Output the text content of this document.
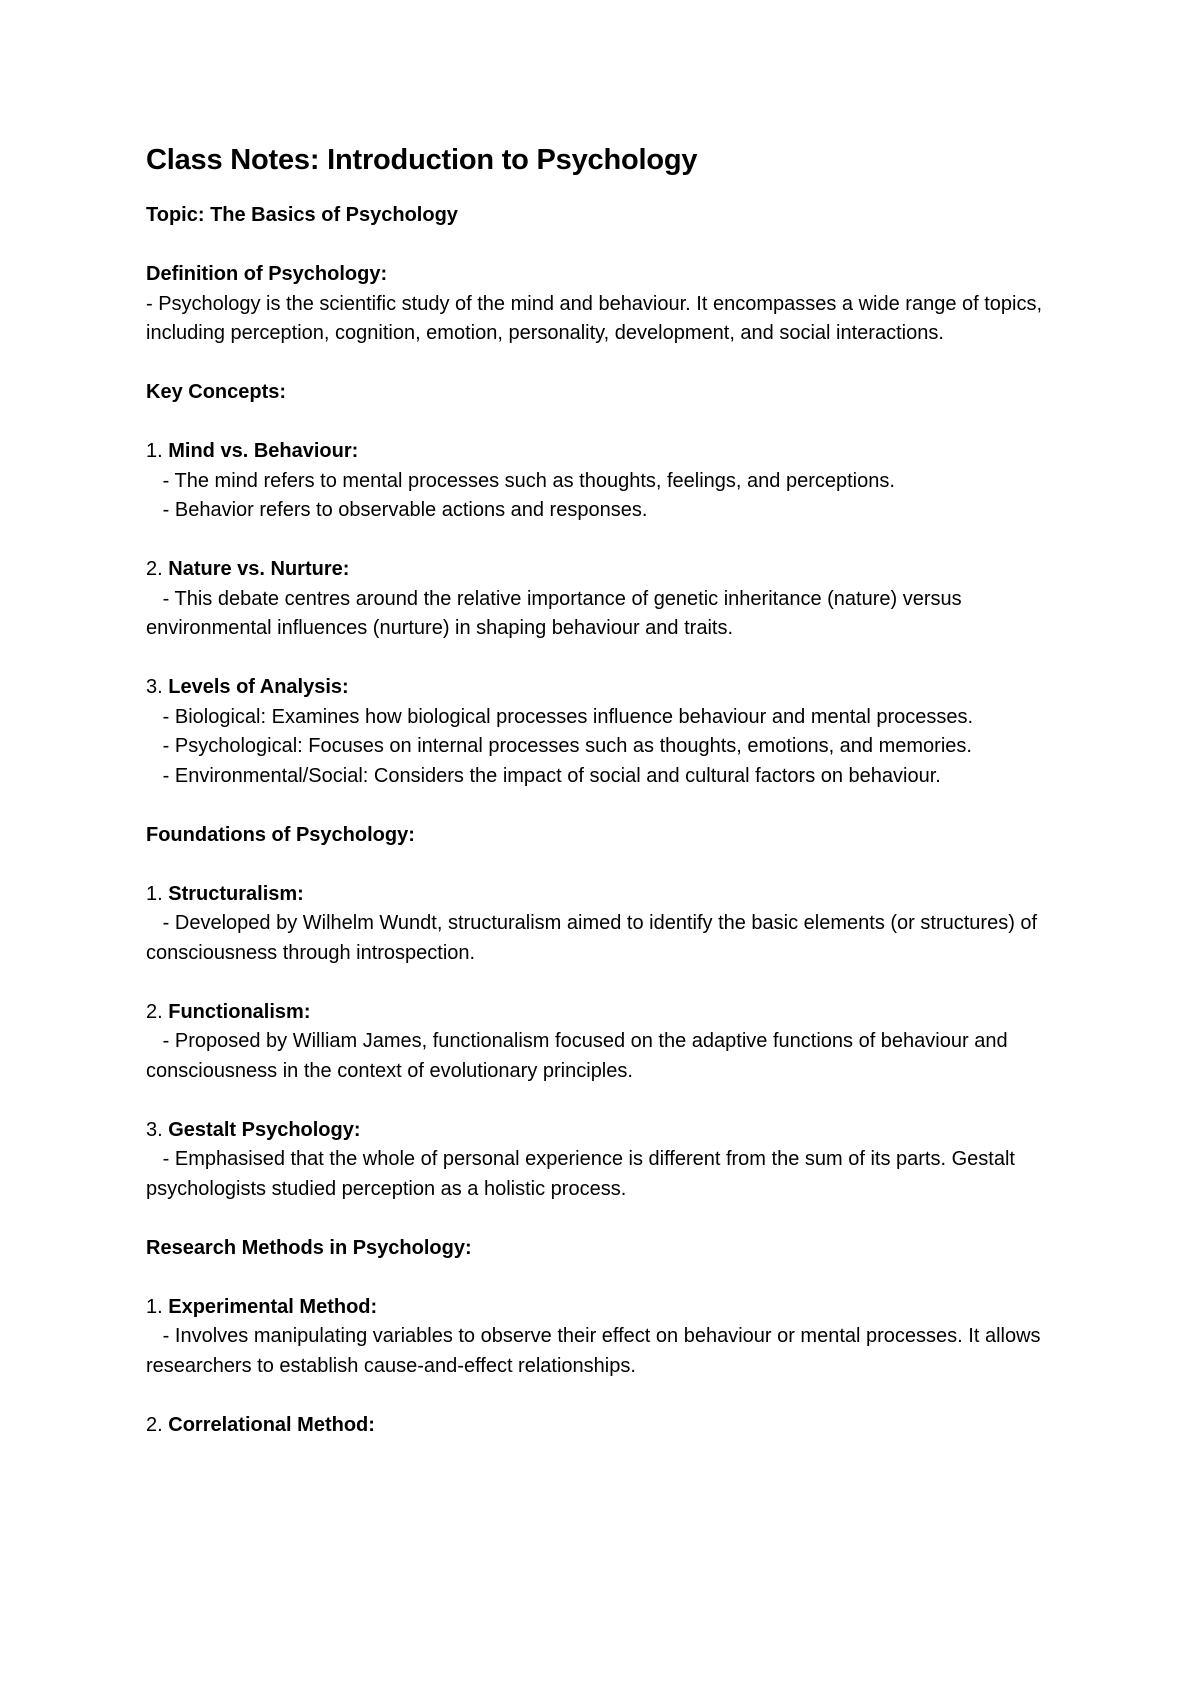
Class Notes: Introduction to Psychology

Topic: The Basics of Psychology

Definition of Psychology:

- Psychology is the scientific study of the mind and behaviour. It encompasses a wide range of topics, including perception, cognition, emotion, personality, development, and social interactions.

Key Concepts:

1. Mind vs. Behaviour:

- The mind refers to mental processes such as thoughts, feelings, and perceptions.

- Behavior refers to observable actions and responses.

2. Nature vs. Nurture:

- This debate centres around the relative importance of genetic inheritance (nature) versus environmental influences (nurture) in shaping behaviour and traits.

3. Levels of Analysis:

- Biological: Examines how biological processes influence behaviour and mental processes.

- Psychological: Focuses on internal processes such as thoughts, emotions, and memories.

- Environmental/Social: Considers the impact of social and cultural factors on behaviour.

Foundations of Psychology:

1. Structuralism:

- Developed by Wilhelm Wundt, structuralism aimed to identify the basic elements (or structures) of consciousness through introspection.

2. Functionalism:

- Proposed by William James, functionalism focused on the adaptive functions of behaviour and consciousness in the context of evolutionary principles.

3. Gestalt Psychology:

- Emphasised that the whole of personal experience is different from the sum of its parts. Gestalt psychologists studied perception as a holistic process.

Research Methods in Psychology:

1. Experimental Method:

- Involves manipulating variables to observe their effect on behaviour or mental processes. It allows researchers to establish cause-and-effect relationships.

2. Correlational Method:
